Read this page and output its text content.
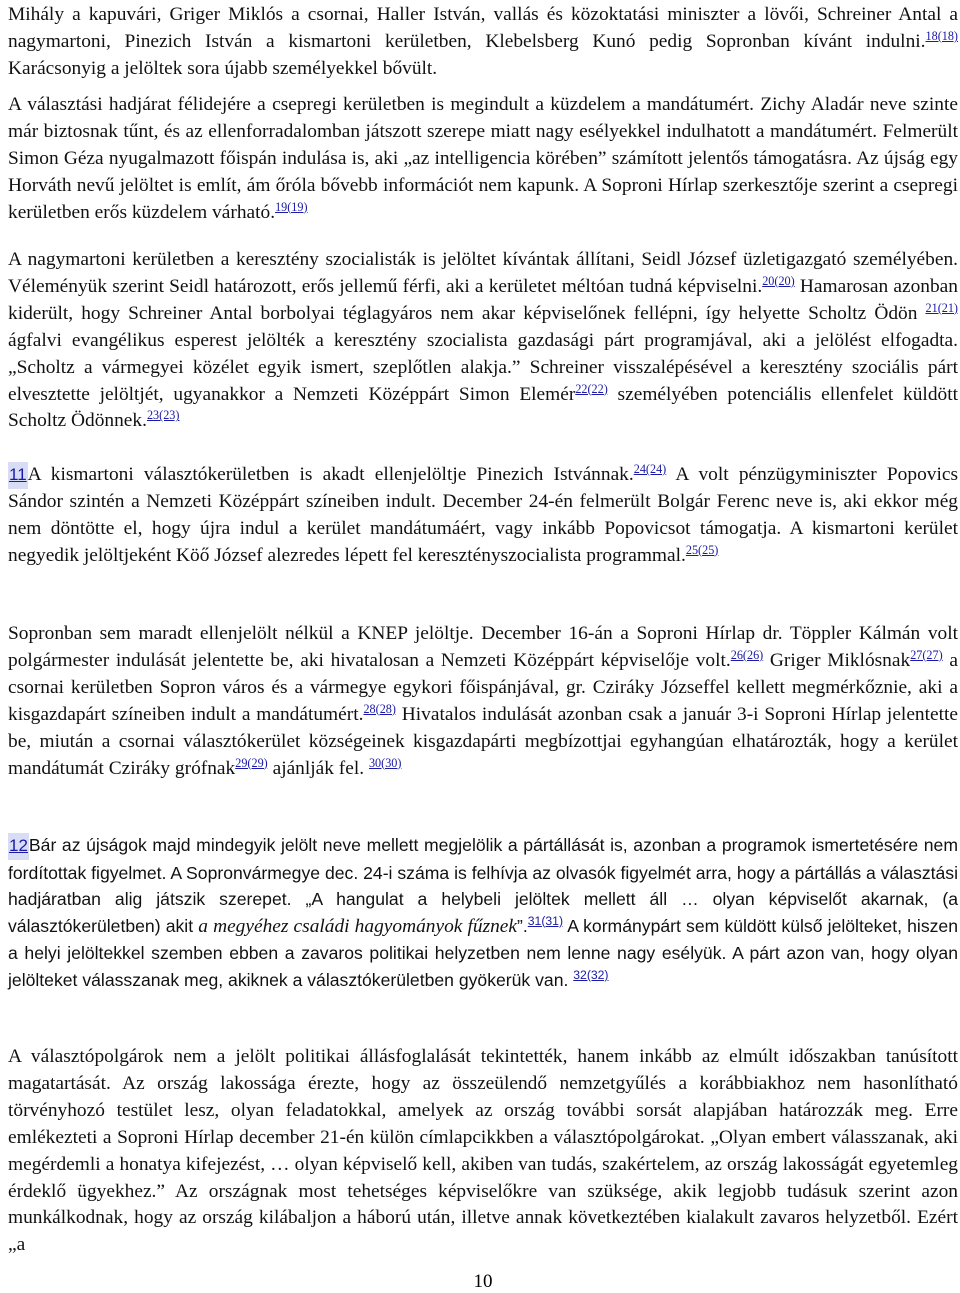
Mihály a kapuvári, Griger Miklós a csornai, Haller István, vallás és közoktatási miniszter a lövői, Schreiner Antal a nagymartoni, Pinezich István a kismartoni kerületben, Klebelsberg Kunó pedig Sopronban kívánt indulni.$^{18(18)}$ Karácsonyig a jelöltek sora újabb személyekkel bővült.

A választási hadjárat félidejére a csepregi kerületben is megindult a küzdelem a mandátumért. Zichy Aladár neve szinte már biztosnak tűnt, és az ellenforradalomban játszott szerepe miatt nagy esélyekkel indulhatott a mandátumért. Felmerült Simon Géza nyugalmazott főispán indulása is, aki „az intelligencia körében” számított jelentős támogatásra. Az újság egy Horváth nevű jelöltet is említ, ám őróla bővebb információt nem kapunk. A Soproni Hírlap szerkesztője szerint a csepregi kerületben erős küzdelem várható.$^{19(19)}$

A nagymartoni kerületben a keresztény szocialisták is jelöltet kívántak állítani, Seidl József üzletigazgató személyében. Véleményük szerint Seidl határozott, erős jellemű férfi, aki a kerületet méltóan tudná képviselni.$^{20(20)}$ Hamarosan azonban kiderült, hogy Schreiner Antal borbolyai téglagyáros nem akar képviselőnek fellépni, így helyette Scholtz Ödön $^{21(21)}$ ágfalvi evangélikus esperest jelölték a keresztény szocialista gazdasági párt programjával, aki a jelölést elfogadta. „Scholtz a vármegyei közélet egyik ismert, szeplőtlen alakja.” Schreiner visszalépésével a keresztény szociális párt elvesztette jelöltjét, ugyanakkor a Nemzeti Középpárt Simon Elemér$^{22(22)}$ személyében potenciális ellenfelet küldött Scholtz Ödönnek.$^{23(23)}$

11A kismartoni választókerületben is akadt ellenjelöltje Pinezich Istvánnak.$^{24(24)}$ A volt pénzügyminiszter Popovics Sándor szintén a Nemzeti Középpárt színeiben indult. December 24-én felmerült Bolgár Ferenc neve is, aki ekkor még nem döntötte el, hogy újra indul a kerület mandátumáért, vagy inkább Popovicsot támogatja. A kismartoni kerület negyedik jelöltjeként Köő József alezredes lépett fel keresztényszocialista programmal.$^{25(25)}$

Sopronban sem maradt ellenjelölt nélkül a KNEP jelöltje. December 16-án a Soproni Hírlap dr. Töppler Kálmán volt polgármester indulását jelentette be, aki hivatalosan a Nemzeti Középpárt képviselője volt.$^{26(26)}$ Griger Miklósnak$^{27(27)}$ a csornai kerületben Sopron város és a vármegye egykori főispánjával, gr. Cziráky Józseffel kellett megmérkőznie, aki a kisgazdapárt színeiben indult a mandátumért.$^{28(28)}$ Hivatalos indulását azonban csak a január 3-i Soproni Hírlap jelentette be, miután a csornai választókerület községeinek kisgazdapárti megbízottjai egyhangúan elhatározták, hogy a kerület mandátumát Cziráky grófnak$^{29(29)}$ ajánlják fel. $^{30(30)}$

12Bár az újságok majd mindegyik jelölt neve mellett megjelölik a pártállását is, azonban a programok ismertetésére nem fordítottak figyelmet. A Sopronvármegye dec. 24-i száma is felhívja az olvasók figyelmét arra, hogy a pártállás a választási hadjáratban alig játszik szerepet. „A hangulat a helybeli jelöltek mellett áll … olyan képviselőt akarnak, (a választókerületben) akit a megyéhez családi hagyományok fűznek”.$^{31(31)}$ A kormánypárt sem küldött külső jelölteket, hiszen a helyi jelöltekkel szemben ebben a zavaros politikai helyzetben nem lenne nagy esélyük. A párt azon van, hogy olyan jelölteket válasszanak meg, akiknek a választókerületben gyökerük van. $^{32(32)}$

A választópolgárok nem a jelölt politikai állásfoglalását tekintették, hanem inkább az elmúlt időszakban tanúsított magatartását. Az ország lakossága érezte, hogy az összeülendő nemzetgyűlés a korábbiakhoz nem hasonlítható törvényhozó testület lesz, olyan feladatokkal, amelyek az ország további sorsát alapjában határozzák meg. Erre emlékezteti a Soproni Hírlap december 21-én külön címlapcikkben a választópolgárokat. „Olyan embert válasszanak, aki megérdemli a honatya kifejezést, … olyan képviselő kell, akiben van tudás, szakértelem, az ország lakosságát egyetemleg érdeklő ügyekhez.” Az országnak most tehetséges képviselőkre van szüksége, akik legjobb tudásuk szerint azon munkálkodnak, hogy az ország kilábaljon a háború után, illetve annak következtében kialakult zavaros helyzetből. Ezért „a

10
